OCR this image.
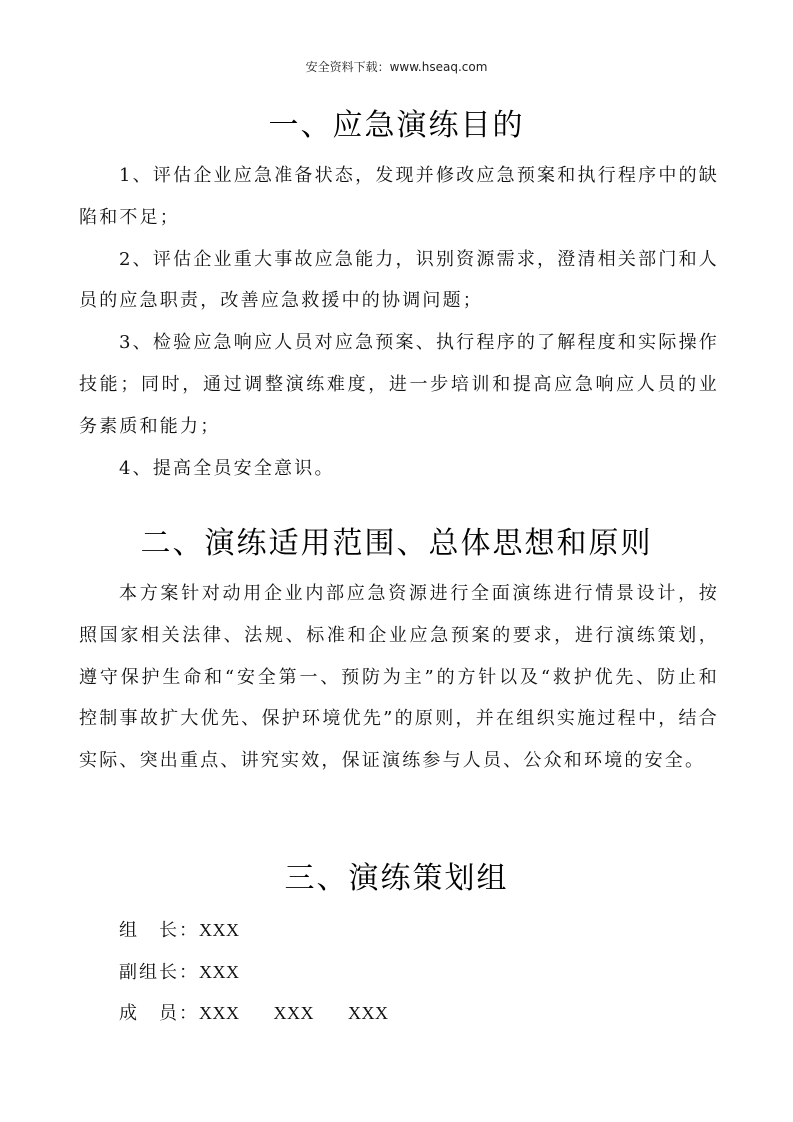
安全资料下载：www.hseaq.com
一、应急演练目的

1、评估企业应急准备状态，发现并修改应急预案和执行程序中的缺陷和不足；

2、评估企业重大事故应急能力，识别资源需求，澄清相关部门和人员的应急职责，改善应急救援中的协调问题；

3、检验应急响应人员对应急预案、执行程序的了解程度和实际操作技能；同时，通过调整演练难度，进一步培训和提高应急响应人员的业务素质和能力；

4、提高全员安全意识。

二、演练适用范围、总体思想和原则

本方案针对动用企业内部应急资源进行全面演练进行情景设计，按照国家相关法律、法规、标准和企业应急预案的要求，进行演练策划，遵守保护生命和“安全第一、预防为主”的方针以及“救护优先、防止和控制事故扩大优先、保护环境优先”的原则，并在组织实施过程中，结合实际、突出重点、讲究实效，保证演练参与人员、公众和环境的安全。

三、演练策划组
组　长： XXX
副组长： XXX
成　员： XXX XXX XXX
